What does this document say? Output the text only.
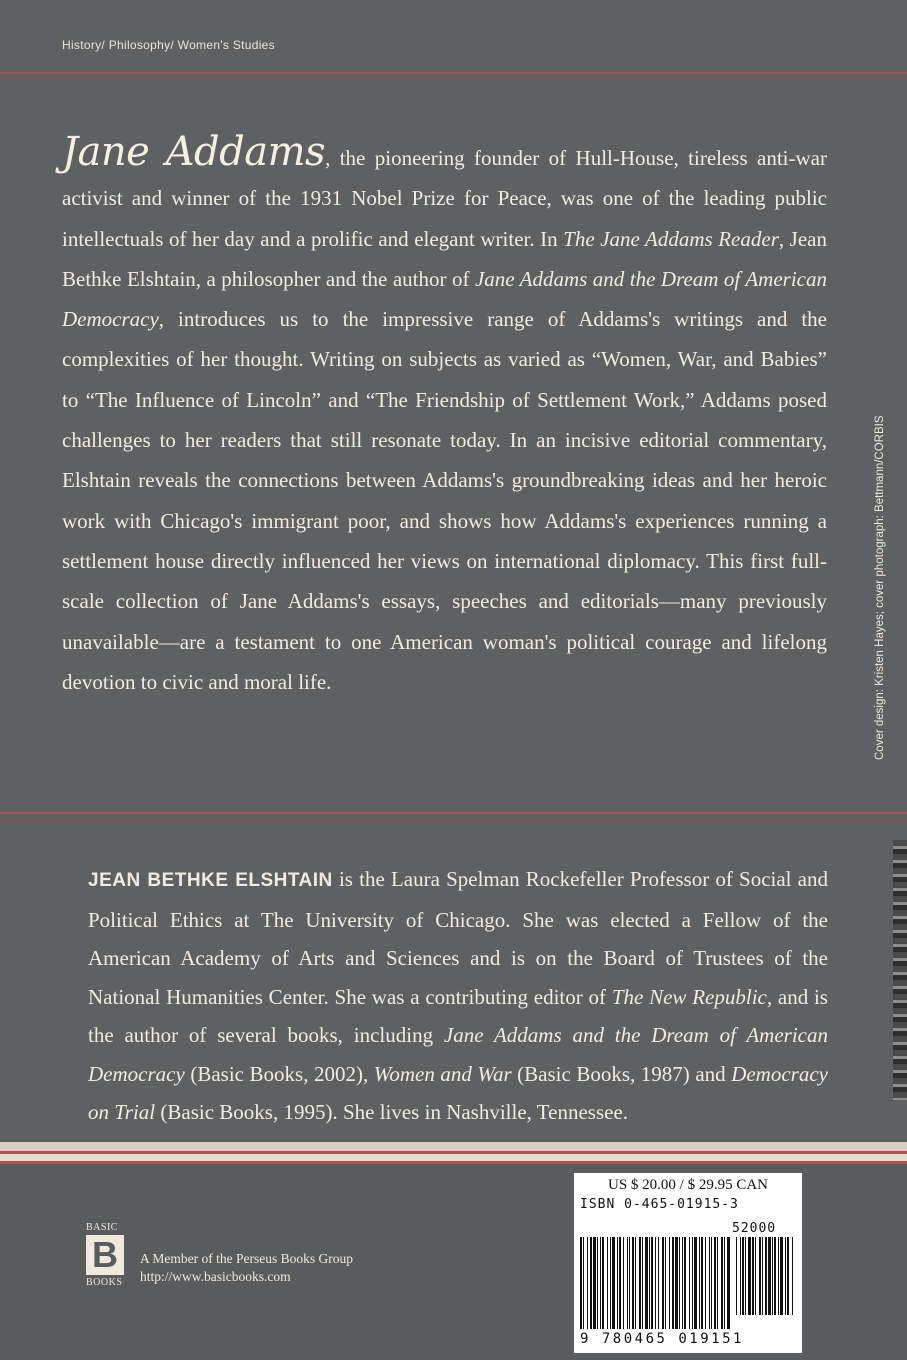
History/ Philosophy/ Women's Studies
Jane Addams, the pioneering founder of Hull-House, tireless anti-war activist and winner of the 1931 Nobel Prize for Peace, was one of the leading public intellectuals of her day and a prolific and elegant writer. In The Jane Addams Reader, Jean Bethke Elshtain, a philosopher and the author of Jane Addams and the Dream of American Democracy, introduces us to the impressive range of Addams's writings and the complexities of her thought. Writing on subjects as varied as “Women, War, and Babies” to “The Influence of Lincoln” and “The Friendship of Settlement Work,” Addams posed challenges to her readers that still resonate today. In an incisive editorial commentary, Elshtain reveals the connections between Addams's groundbreaking ideas and her heroic work with Chicago's immigrant poor, and shows how Addams's experiences running a settlement house directly influenced her views on international diplomacy. This first full-scale collection of Jane Addams's essays, speeches and editorials—many previously unavailable—are a testament to one American woman's political courage and lifelong devotion to civic and moral life.	Cover design: Kristen Hayes; cover photograph: Bettmann/CORBIS
JEAN BETHKE ELSHTAIN is the Laura Spelman Rockefeller Professor of Social and Political Ethics at The University of Chicago. She was elected a Fellow of the American Academy of Arts and Sciences and is on the Board of Trustees of the National Humanities Center. She was a contributing editor of The New Republic, and is the author of several books, including Jane Addams and the Dream of American Democracy (Basic Books, 2002), Women and War (Basic Books, 1987) and Democracy on Trial (Basic Books, 1995). She lives in Nashville, Tennessee.
BASIC
B
BOOKS
A Member of the Perseus Books Group
http://www.basicbooks.com
US $ 20.00 / $ 29.95 CAN
ISBN 0-465-01915-3
52000
9 780465 019151
